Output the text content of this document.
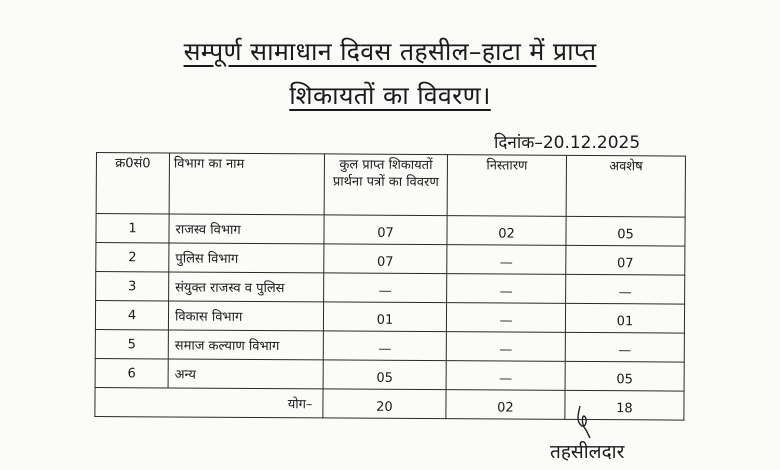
सम्पूर्ण सामाधान दिवस तहसील–हाटा में प्राप्त
शिकायतों का विवरण।
दिनांक–20.12.2025
क्र0सं0	विभाग का नाम	कुल प्राप्त शिकायतों प्रार्थना पत्रों का विवरण	निस्तारण	अवशेष
1	राजस्व विभाग	07	02	05
2	पुलिस विभाग	07	—	07
3	संयुक्त राजस्व व पुलिस	—	—	—
4	विकास विभाग	01	—	01
5	समाज कल्याण विभाग	—	—	—
6	अन्य	05	—	05
योग–		20	02	18
तहसीलदार
